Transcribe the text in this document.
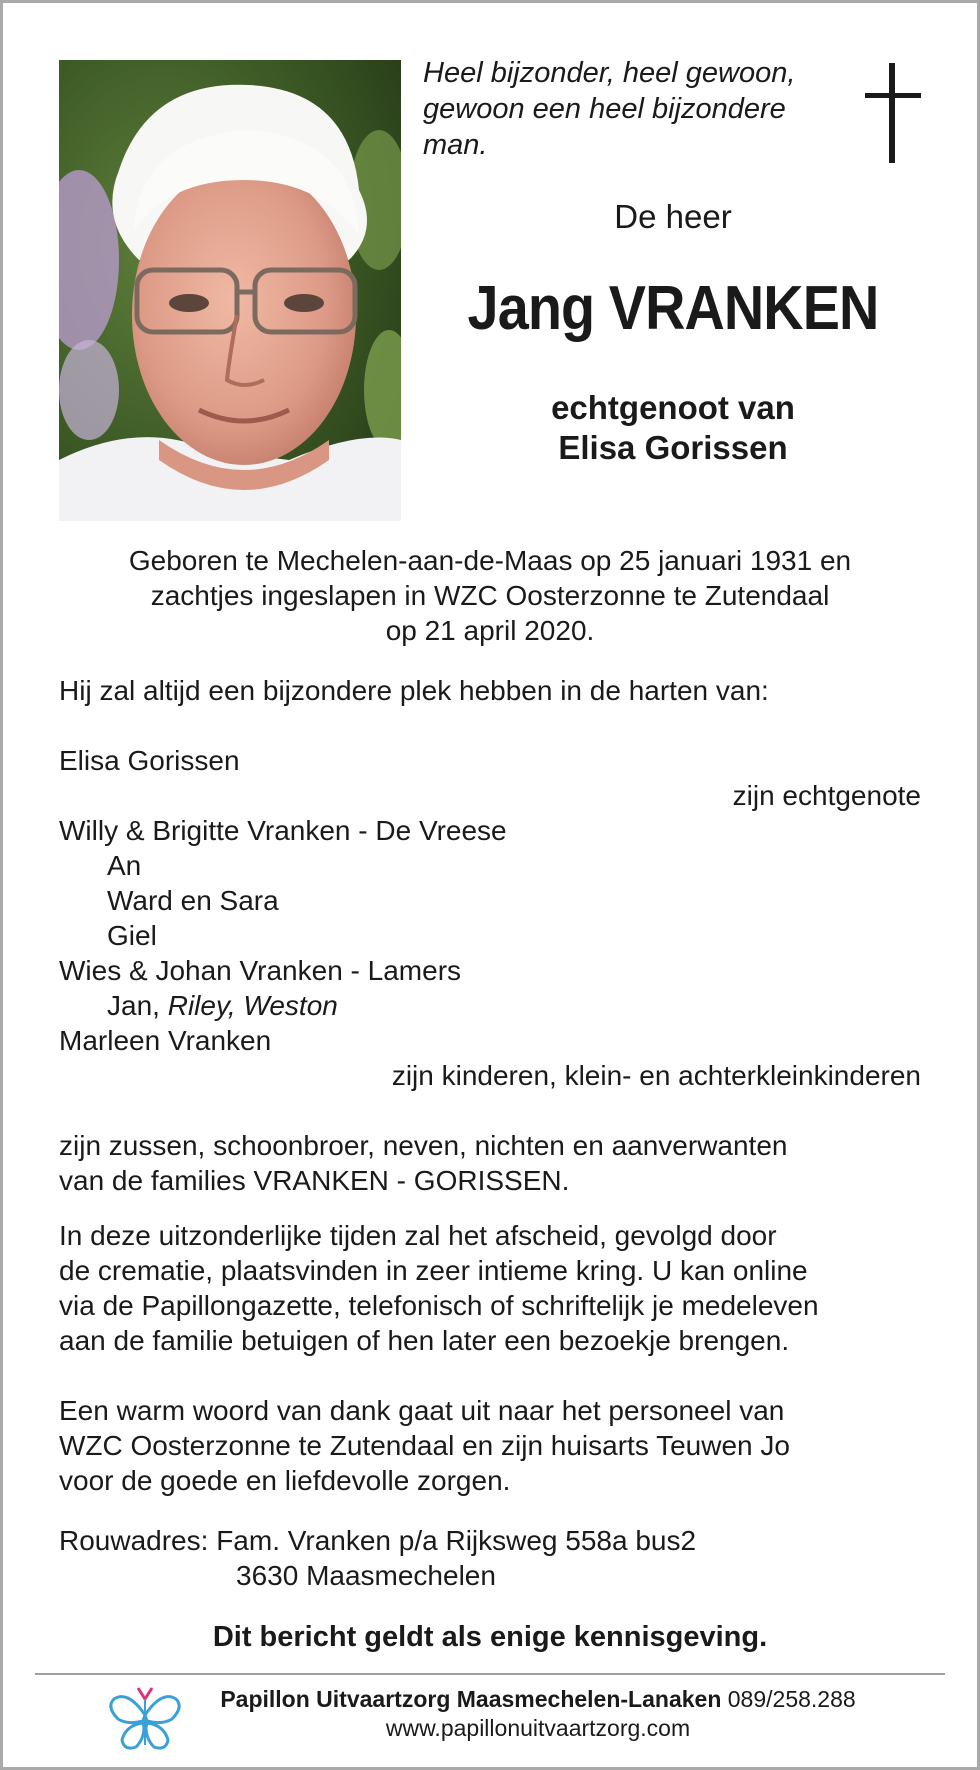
Heel bijzonder, heel gewoon,
gewoon een heel bijzondere
man.
De heer
Jang VRANKEN
echtgenoot van
Elisa Gorissen
Geboren te Mechelen-aan-de-Maas op 25 januari 1931 en
zachtjes ingeslapen in WZC Oosterzonne te Zutendaal
op 21 april 2020.
Hij zal altijd een bijzondere plek hebben in de harten van:
Elisa Gorissen
zijn echtgenote
Willy & Brigitte Vranken - De Vreese
An
Ward en Sara
Giel
Wies & Johan Vranken - Lamers
Jan, Riley, Weston
Marleen Vranken
zijn kinderen, klein- en achterkleinkinderen
zijn zussen, schoonbroer, neven, nichten en aanverwanten
van de families VRANKEN - GORISSEN.
In deze uitzonderlijke tijden zal het afscheid, gevolgd door
de crematie, plaatsvinden in zeer intieme kring. U kan online
via de Papillongazette, telefonisch of schriftelijk je medeleven
aan de familie betuigen of hen later een bezoekje brengen.
Een warm woord van dank gaat uit naar het personeel van
WZC Oosterzonne te Zutendaal en zijn huisarts Teuwen Jo
voor de goede en liefdevolle zorgen.
Rouwadres: Fam. Vranken p/a Rijksweg 558a bus2
3630 Maasmechelen
Dit bericht geldt als enige kennisgeving.
Papillon Uitvaartzorg Maasmechelen-Lanaken 089/258.288
www.papillonuitvaartzorg.com
